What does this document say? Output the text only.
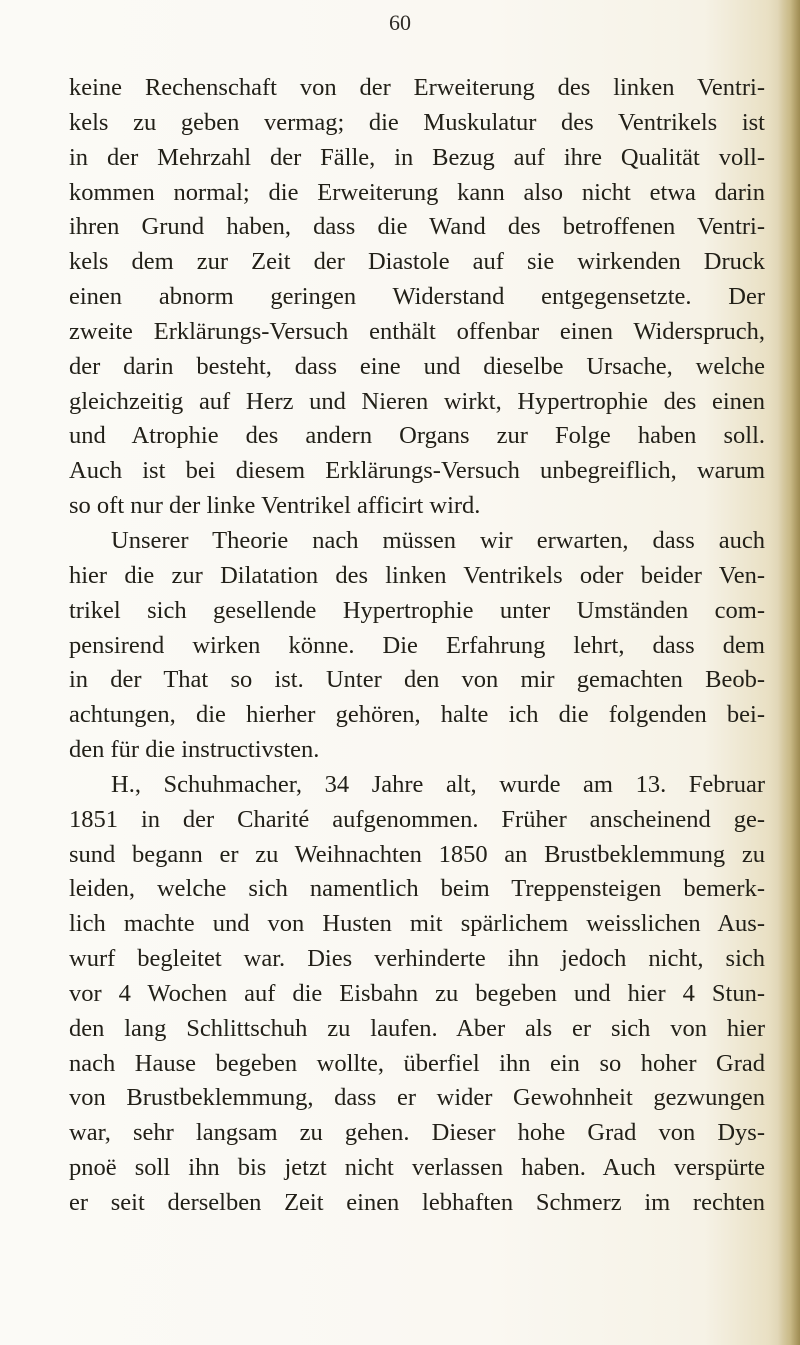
60

keine Rechenschaft von der Erweiterung des linken Ventri-
kels zu geben vermag; die Muskulatur des Ventrikels ist
in der Mehrzahl der Fälle, in Bezug auf ihre Qualität voll-
kommen normal; die Erweiterung kann also nicht etwa darin
ihren Grund haben, dass die Wand des betroffenen Ventri-
kels dem zur Zeit der Diastole auf sie wirkenden Druck
einen abnorm geringen Widerstand entgegensetzte. Der
zweite Erklärungs-Versuch enthält offenbar einen Widerspruch,
der darin besteht, dass eine und dieselbe Ursache, welche
gleichzeitig auf Herz und Nieren wirkt, Hypertrophie des einen
und Atrophie des andern Organs zur Folge haben soll.
Auch ist bei diesem Erklärungs-Versuch unbegreiflich, warum
so oft nur der linke Ventrikel afficirt wird.
Unserer Theorie nach müssen wir erwarten, dass auch
hier die zur Dilatation des linken Ventrikels oder beider Ven-
trikel sich gesellende Hypertrophie unter Umständen com-
pensirend wirken könne. Die Erfahrung lehrt, dass dem
in der That so ist. Unter den von mir gemachten Beob-
achtungen, die hierher gehören, halte ich die folgenden bei-
den für die instructivsten.
H., Schuhmacher, 34 Jahre alt, wurde am 13. Februar
1851 in der Charité aufgenommen. Früher anscheinend ge-
sund begann er zu Weihnachten 1850 an Brustbeklemmung zu
leiden, welche sich namentlich beim Treppensteigen bemerk-
lich machte und von Husten mit spärlichem weisslichen Aus-
wurf begleitet war. Dies verhinderte ihn jedoch nicht, sich
vor 4 Wochen auf die Eisbahn zu begeben und hier 4 Stun-
den lang Schlittschuh zu laufen. Aber als er sich von hier
nach Hause begeben wollte, überfiel ihn ein so hoher Grad
von Brustbeklemmung, dass er wider Gewohnheit gezwungen
war, sehr langsam zu gehen. Dieser hohe Grad von Dys-
pnoë soll ihn bis jetzt nicht verlassen haben. Auch verspürte
er seit derselben Zeit einen lebhaften Schmerz im rechten
